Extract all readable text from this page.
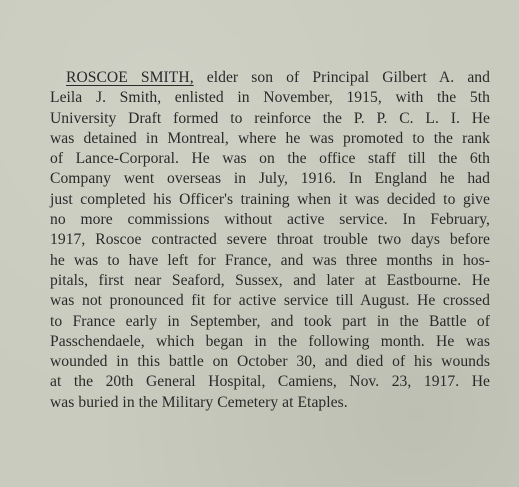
ROSCOE SMITH, elder son of Principal Gilbert A. and
Leila J. Smith, enlisted in November, 1915, with the 5th
University Draft formed to reinforce the P. P. C. L. I. He
was detained in Montreal, where he was promoted to the rank
of Lance-Corporal. He was on the office staff till the 6th
Company went overseas in July, 1916. In England he had
just completed his Officer's training when it was decided to give
no more commissions without active service. In February,
1917, Roscoe contracted severe throat trouble two days before
he was to have left for France, and was three months in hos-
pitals, first near Seaford, Sussex, and later at Eastbourne. He
was not pronounced fit for active service till August. He crossed
to France early in September, and took part in the Battle of
Passchendaele, which began in the following month. He was
wounded in this battle on October 30, and died of his wounds
at the 20th General Hospital, Camiens, Nov. 23, 1917. He
was buried in the Military Cemetery at Etaples.
